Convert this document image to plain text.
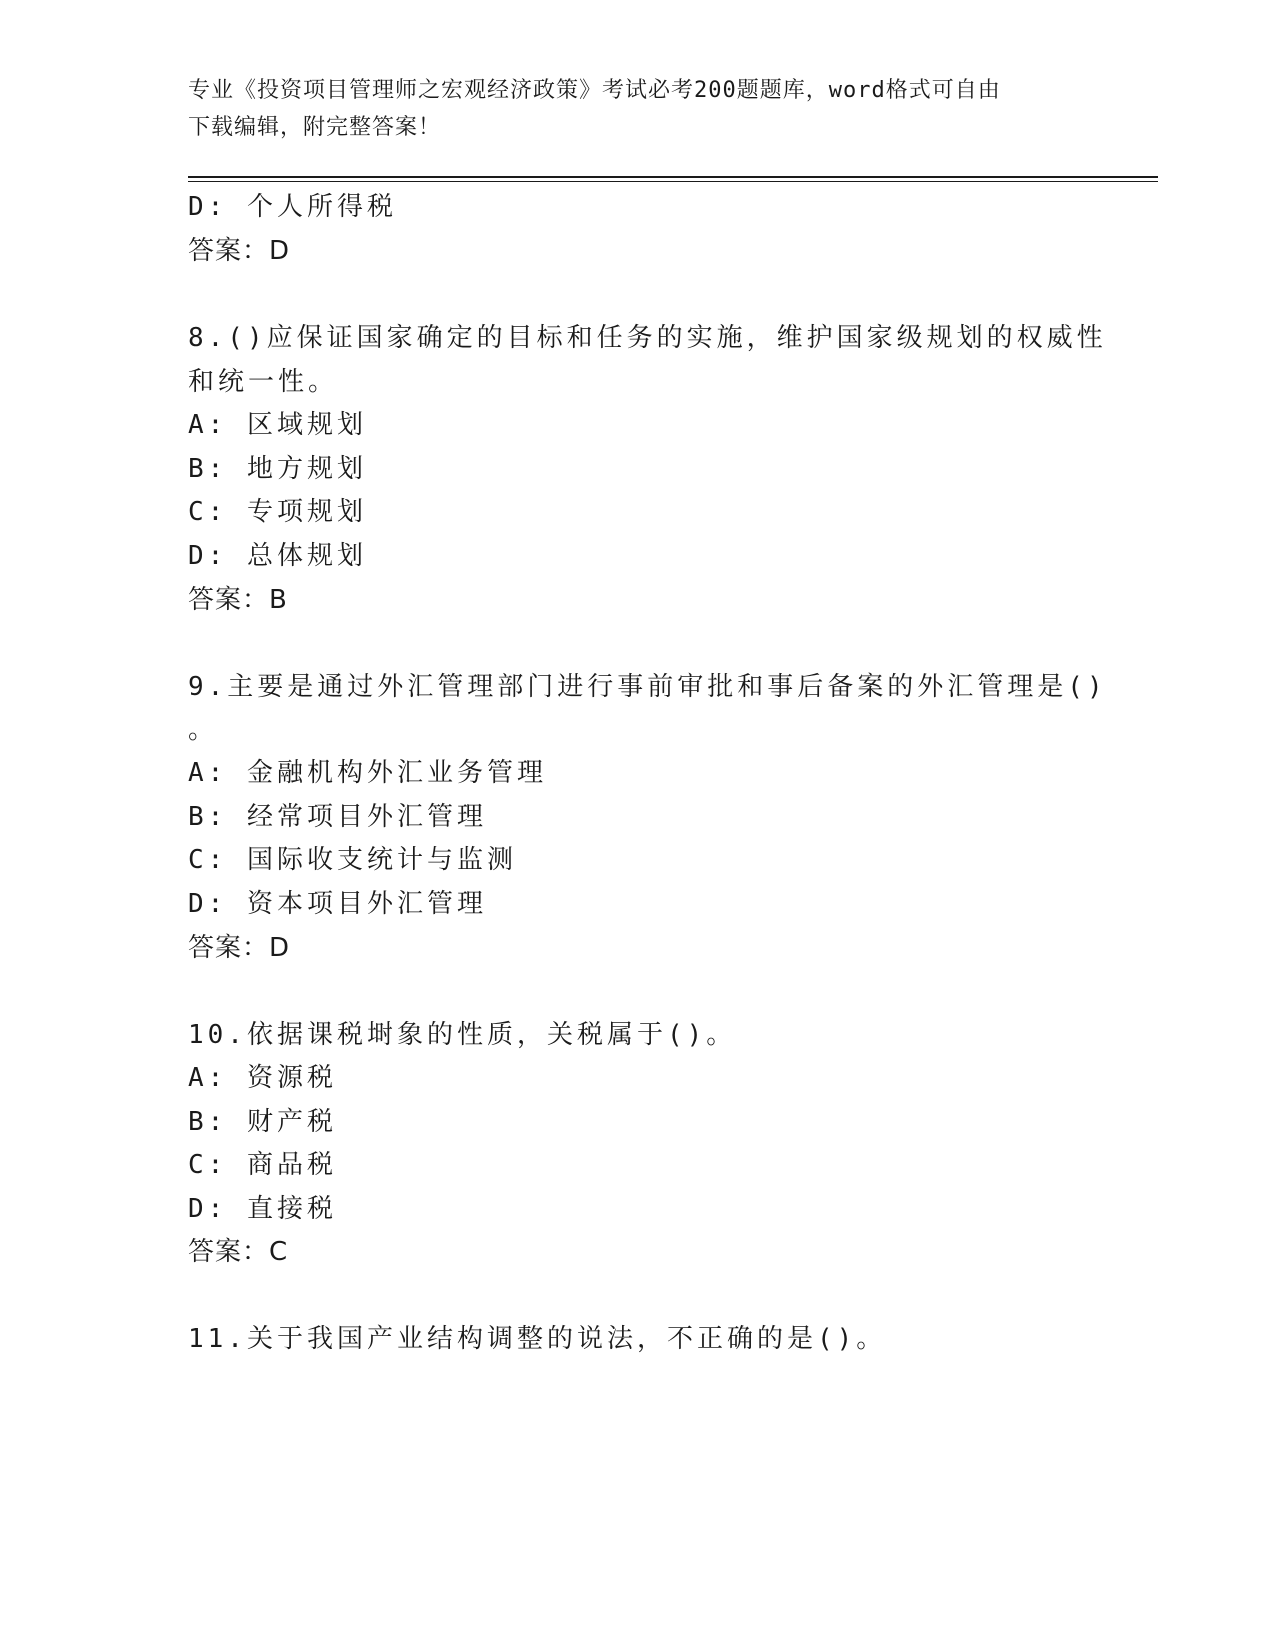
专业《投资项目管理师之宏观经济政策》考试必考200题题库，word格式可自由
下载编辑，附完整答案！
D: 个人所得税
答案：D
8.()应保证国家确定的目标和任务的实施，维护国家级规划的权威性
和统一性。
A: 区域规划
B: 地方规划
C: 专项规划
D: 总体规划
答案：B
9.主要是通过外汇管理部门进行事前审批和事后备案的外汇管理是()
。
A: 金融机构外汇业务管理
B: 经常项目外汇管理
C: 国际收支统计与监测
D: 资本项目外汇管理
答案：D
10.依据课税埘象的性质，关税属于()。
A: 资源税
B: 财产税
C: 商品税
D: 直接税
答案：C
11.关于我国产业结构调整的说法，不正确的是()。
